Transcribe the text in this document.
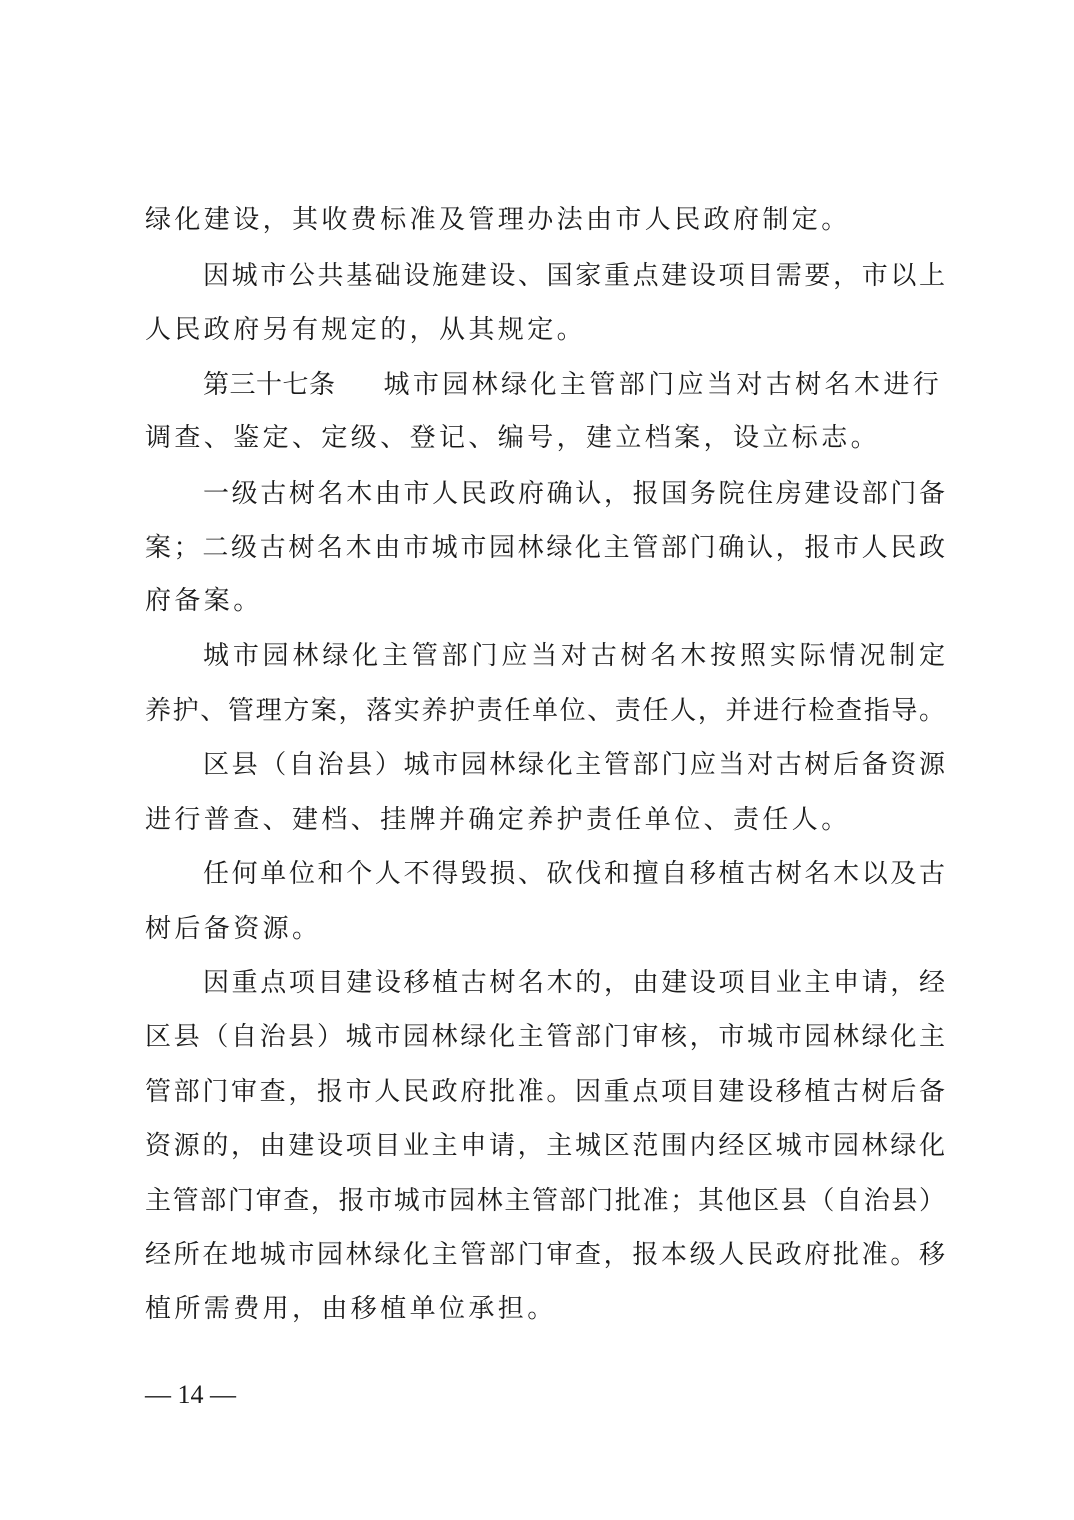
绿化建设，其收费标准及管理办法由市人民政府制定。
因城市公共基础设施建设、国家重点建设项目需要，市以上
人民政府另有规定的，从其规定。
第三十七条 城市园林绿化主管部门应当对古树名木进行
调查、鉴定、定级、登记、编号，建立档案，设立标志。
一级古树名木由市人民政府确认，报国务院住房建设部门备
案；二级古树名木由市城市园林绿化主管部门确认，报市人民政
府备案。
城市园林绿化主管部门应当对古树名木按照实际情况制定
养护、管理方案，落实养护责任单位、责任人，并进行检查指导。
区县（自治县）城市园林绿化主管部门应当对古树后备资源
进行普查、建档、挂牌并确定养护责任单位、责任人。
任何单位和个人不得毁损、砍伐和擅自移植古树名木以及古
树后备资源。
因重点项目建设移植古树名木的，由建设项目业主申请，经
区县（自治县）城市园林绿化主管部门审核，市城市园林绿化主
管部门审查，报市人民政府批准。因重点项目建设移植古树后备
资源的，由建设项目业主申请，主城区范围内经区城市园林绿化
主管部门审查，报市城市园林主管部门批准；其他区县（自治县）
经所在地城市园林绿化主管部门审查，报本级人民政府批准。移
植所需费用，由移植单位承担。
— 14 —
